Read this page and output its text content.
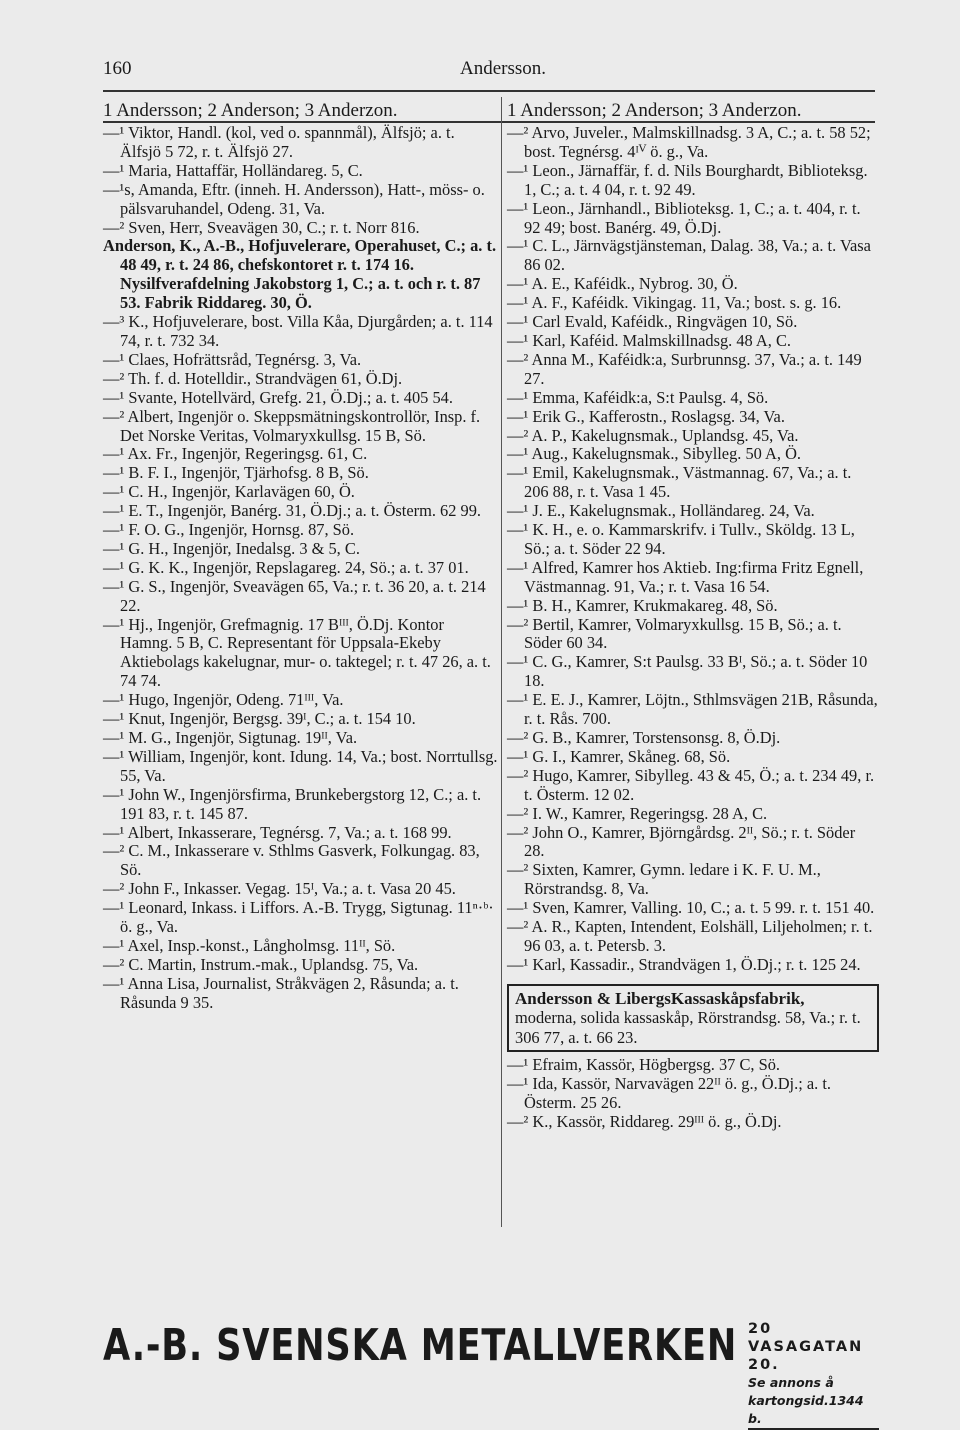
160	Andersson.
1 Andersson; 2 Anderson; 3 Anderzon.	1 Andersson; 2 Anderson; 3 Anderzon.

—¹ Viktor, Handl. (kol, ved o. spannmål), Älfsjö; a. t. Älfsjö 5 72, r. t. Älfsjö 27.

—¹ Maria, Hattaffär, Holländareg. 5, C.

—¹s, Amanda, Eftr. (inneh. H. Andersson), Hatt-, möss- o. pälsvaruhandel, Odeng. 31, Va.

—² Sven, Herr, Sveavägen 30, C.; r. t. Norr 816.

Anderson, K., A.-B., Hofjuvelerare, Operahuset, C.; a. t. 48 49, r. t. 24 86, chefskontoret r. t. 174 16. Nysilfverafdelning Jakobstorg 1, C.; a. t. och r. t. 87 53. Fabrik Riddareg. 30, Ö.

—³ K., Hofjuvelerare, bost. Villa Kåa, Djurgården; a. t. 114 74, r. t. 732 34.

—¹ Claes, Hofrättsråd, Tegnérsg. 3, Va.

—² Th. f. d. Hotelldir., Strandvägen 61, Ö.Dj.

—¹ Svante, Hotellvärd, Grefg. 21, Ö.Dj.; a. t. 405 54.

—² Albert, Ingenjör o. Skeppsmätningskontrollör, Insp. f. Det Norske Veritas, Volmaryxkullsg. 15 B, Sö.

—¹ Ax. Fr., Ingenjör, Regeringsg. 61, C.

—¹ B. F. I., Ingenjör, Tjärhofsg. 8 B, Sö.

—¹ C. H., Ingenjör, Karlavägen 60, Ö.

—¹ E. T., Ingenjör, Banérg. 31, Ö.Dj.; a. t. Österm. 62 99.

—¹ F. O. G., Ingenjör, Hornsg. 87, Sö.

—¹ G. H., Ingenjör, Inedalsg. 3 & 5, C.

—¹ G. K. K., Ingenjör, Repslagareg. 24, Sö.; a. t. 37 01.

—¹ G. S., Ingenjör, Sveavägen 65, Va.; r. t. 36 20, a. t. 214 22.

—¹ Hj., Ingenjör, Grefmagnig. 17 Bᴵᴵᴵ, Ö.Dj. Kontor Hamng. 5 B, C. Representant för Uppsala-Ekeby Aktiebolags kakelugnar, mur- o. taktegel; r. t. 47 26, a. t. 74 74.

—¹ Hugo, Ingenjör, Odeng. 71ᴵᴵᴵ, Va.

—¹ Knut, Ingenjör, Bergsg. 39ᴵ, C.; a. t. 154 10.

—¹ M. G., Ingenjör, Sigtunag. 19ᴵᴵ, Va.

—¹ William, Ingenjör, kont. Idung. 14, Va.; bost. Norrtullsg. 55, Va.

—¹ John W., Ingenjörsfirma, Brunkebergstorg 12, C.; a. t. 191 83, r. t. 145 87.

—¹ Albert, Inkasserare, Tegnérsg. 7, Va.; a. t. 168 99.

—² C. M., Inkasserare v. Sthlms Gasverk, Folkungag. 83, Sö.

—² John F., Inkasser. Vegag. 15ᴵ, Va.; a. t. Vasa 20 45.

—¹ Leonard, Inkass. i Liffors. A.-B. Trygg, Sigtunag. 11ⁿ·ᵇ· ö. g., Va.

—¹ Axel, Insp.-konst., Långholmsg. 11ᴵᴵ, Sö.

—² C. Martin, Instrum.-mak., Uplandsg. 75, Va.

—¹ Anna Lisa, Journalist, Stråkvägen 2, Råsunda; a. t. Råsunda 9 35.

—² Arvo, Juveler., Malmskillnadsg. 3 A, C.; a. t. 58 52; bost. Tegnérsg. 4ᴵⱽ ö. g., Va.

—¹ Leon., Järnaffär, f. d. Nils Bourghardt, Biblioteksg. 1, C.; a. t. 4 04, r. t. 92 49.

—¹ Leon., Järnhandl., Biblioteksg. 1, C.; a. t. 404, r. t. 92 49; bost. Banérg. 49, Ö.Dj.

—¹ C. L., Järnvägstjänsteman, Dalag. 38, Va.; a. t. Vasa 86 02.

—¹ A. E., Kaféidk., Nybrog. 30, Ö.

—¹ A. F., Kaféidk. Vikingag. 11, Va.; bost. s. g. 16.

—¹ Carl Evald, Kaféidk., Ringvägen 10, Sö.

—¹ Karl, Kaféid. Malmskillnadsg. 48 A, C.

—² Anna M., Kaféidk:a, Surbrunnsg. 37, Va.; a. t. 149 27.

—¹ Emma, Kaféidk:a, S:t Paulsg. 4, Sö.

—¹ Erik G., Kafferostn., Roslagsg. 34, Va.

—² A. P., Kakelugnsmak., Uplandsg. 45, Va.

—¹ Aug., Kakelugnsmak., Sibylleg. 50 A, Ö.

—¹ Emil, Kakelugnsmak., Västmannag. 67, Va.; a. t. 206 88, r. t. Vasa 1 45.

—¹ J. E., Kakelugnsmak., Holländareg. 24, Va.

—¹ K. H., e. o. Kammarskrifv. i Tullv., Sköldg. 13 L, Sö.; a. t. Söder 22 94.

—¹ Alfred, Kamrer hos Aktieb. Ing:firma Fritz Egnell, Västmannag. 91, Va.; r. t. Vasa 16 54.

—¹ B. H., Kamrer, Krukmakareg. 48, Sö.

—² Bertil, Kamrer, Volmaryxkullsg. 15 B, Sö.; a. t. Söder 60 34.

—¹ C. G., Kamrer, S:t Paulsg. 33 Bᴵ, Sö.; a. t. Söder 10 18.

—¹ E. E. J., Kamrer, Löjtn., Sthlmsvägen 21B, Råsunda, r. t. Rås. 700.

—² G. B., Kamrer, Torstensonsg. 8, Ö.Dj.

—¹ G. I., Kamrer, Skåneg. 68, Sö.

—² Hugo, Kamrer, Sibylleg. 43 & 45, Ö.; a. t. 234 49, r. t. Österm. 12 02.

—² I. W., Kamrer, Regeringsg. 28 A, C.

—² John O., Kamrer, Björngårdsg. 2ᴵᴵ, Sö.; r. t. Söder 28.

—² Sixten, Kamrer, Gymn. ledare i K. F. U. M., Rörstrandsg. 8, Va.

—¹ Sven, Kamrer, Valling. 10, C.; a. t. 5 99. r. t. 151 40.

—² A. R., Kapten, Intendent, Eolshäll, Liljeholmen; r. t. 96 03, a. t. Petersb. 3.

—¹ Karl, Kassadir., Strandvägen 1, Ö.Dj.; r. t. 125 24.

Andersson & LibergsKassaskåpsfabrik,
moderna, solida kassaskåp, Rörstrandsg. 58, Va.; r. t. 306 77, a. t. 66 23.

—¹ Efraim, Kassör, Högbergsg. 37 C, Sö.

—¹ Ida, Kassör, Narvavägen 22ᴵᴵ ö. g., Ö.Dj.; a. t. Österm. 25 26.

—² K., Kassör, Riddareg. 29ᴵᴵᴵ ö. g., Ö.Dj.

A.-B. SVENSKA METALLVERKEN 20 VASAGATAN 20.
Se annons å kartongsid.1344 b.
